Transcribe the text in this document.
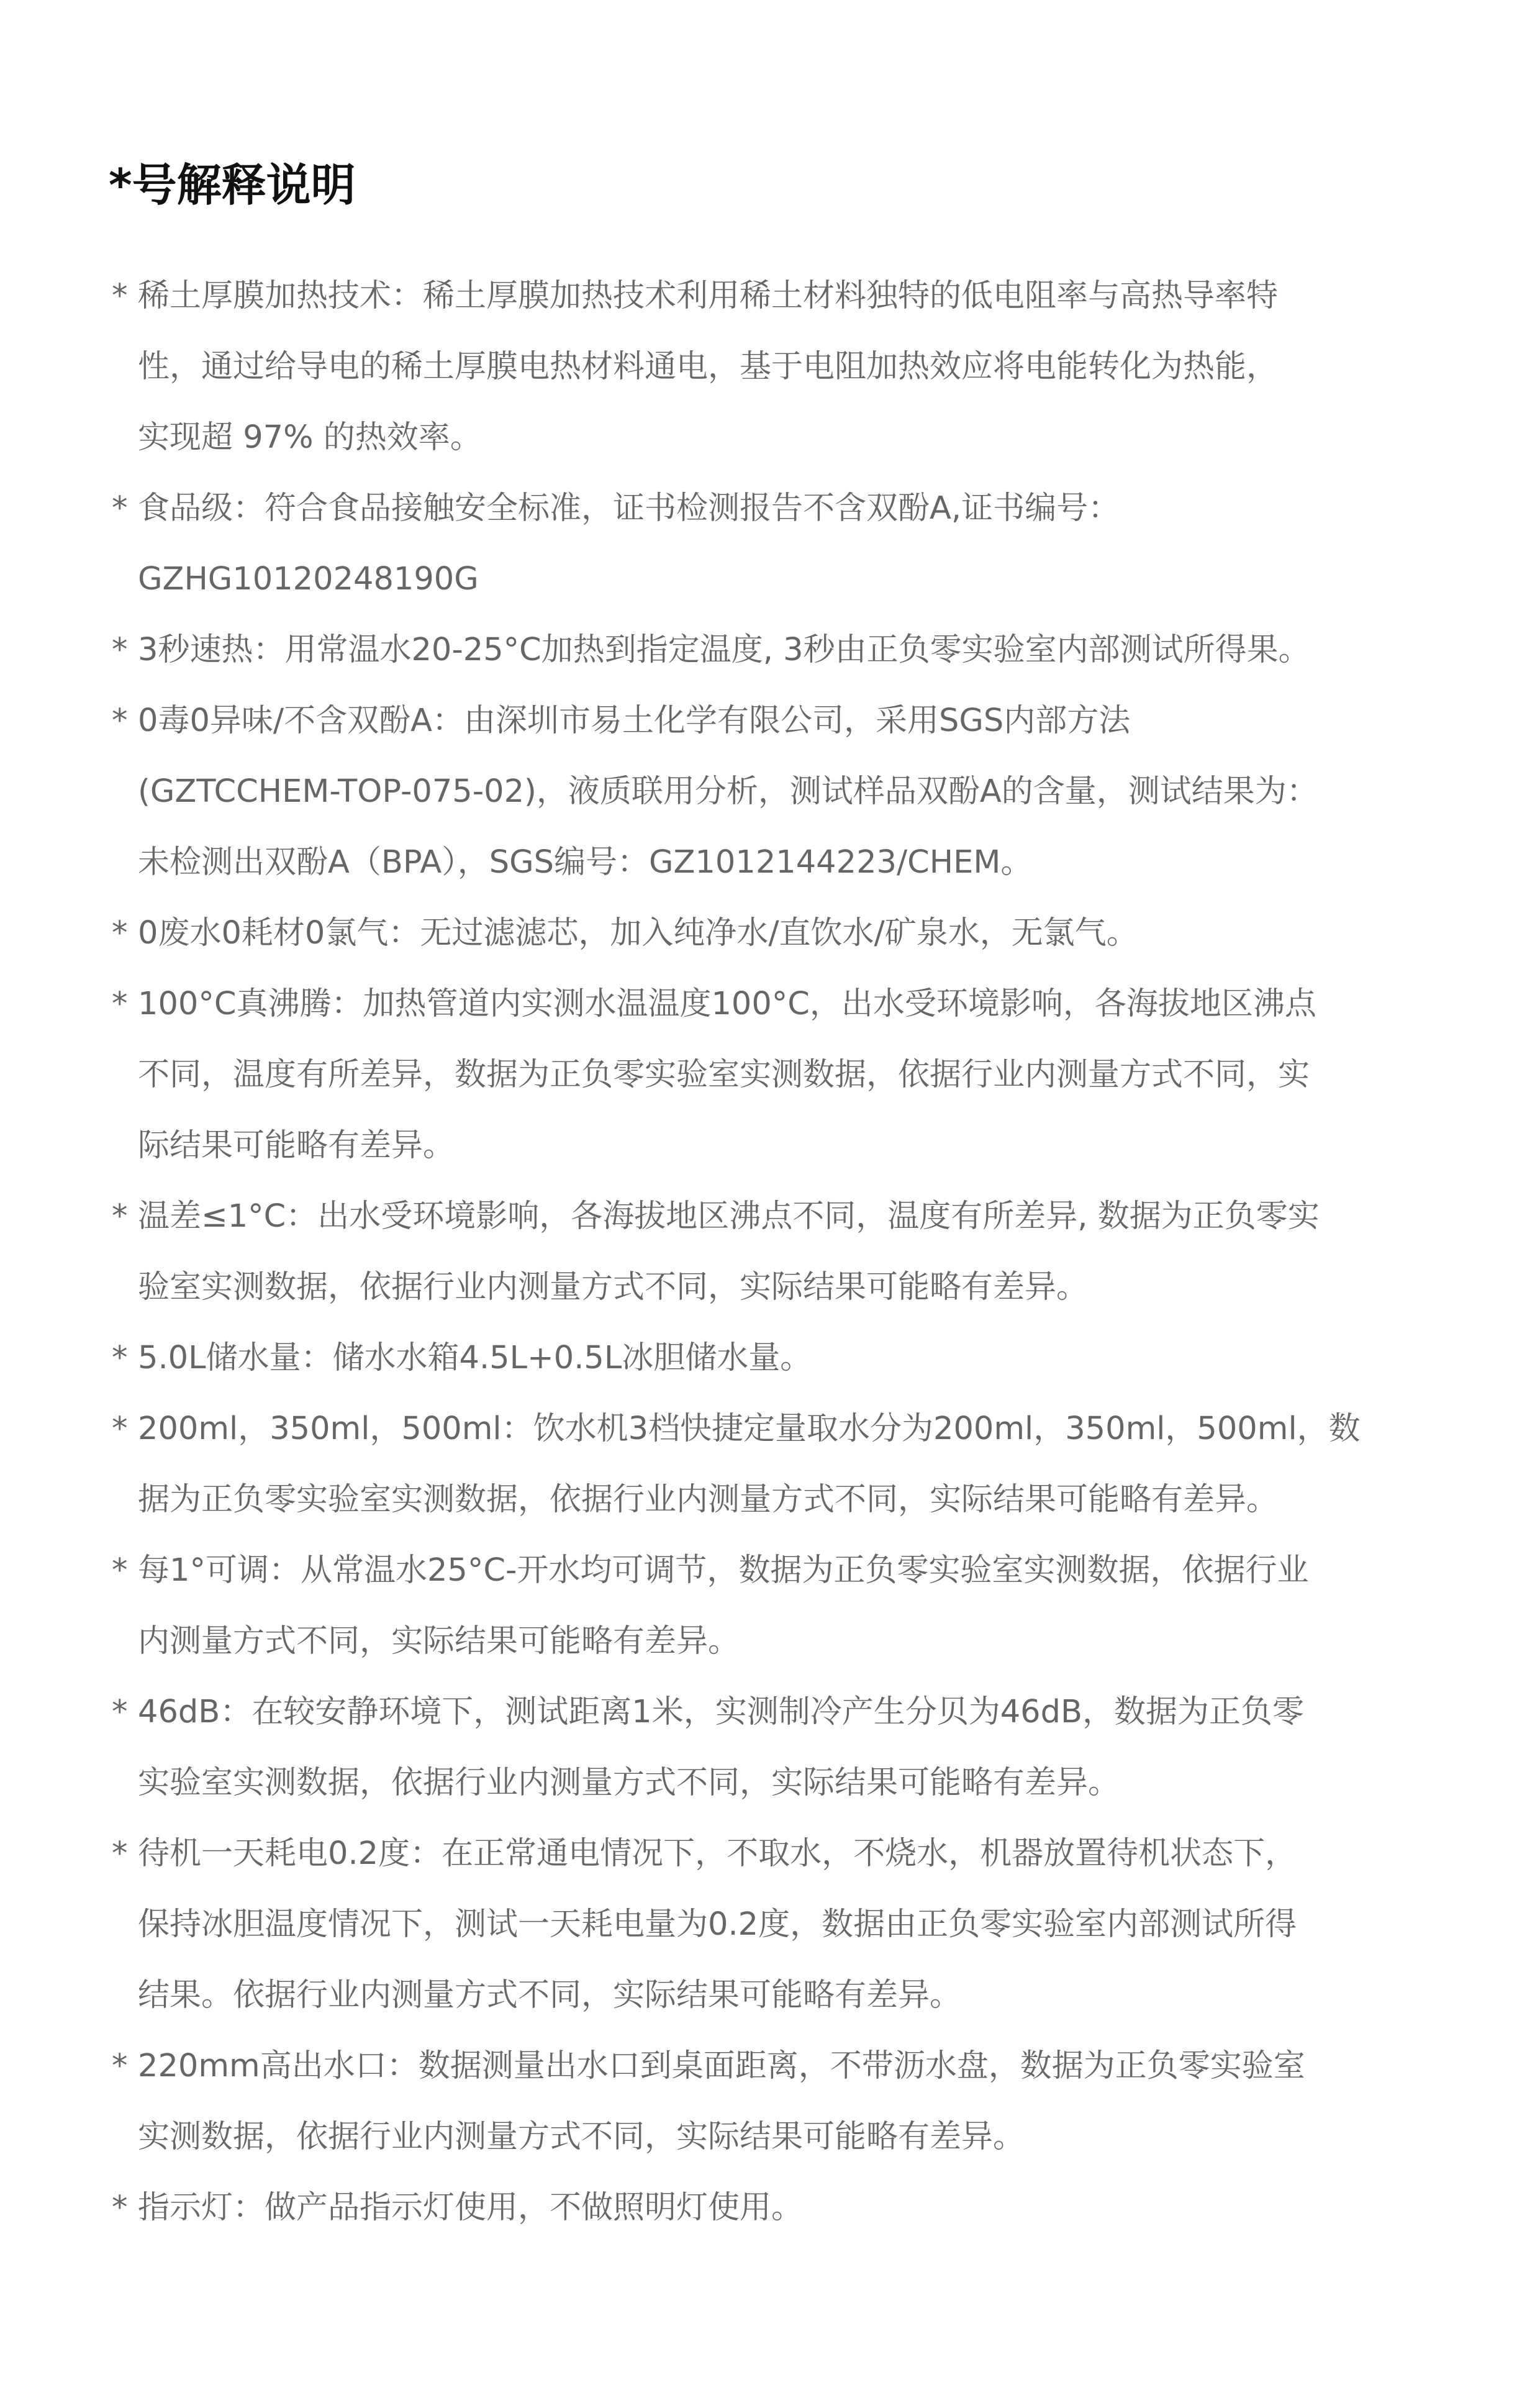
*号解释说明
* 稀土厚膜加热技术：稀土厚膜加热技术利用稀土材料独特的低电阻率与高热导率特
性，通过给导电的稀土厚膜电热材料通电，基于电阻加热效应将电能转化为热能，
实现超 97% 的热效率。
* 食品级：符合食品接触安全标准，证书检测报告不含双酚A,证书编号：
GZHG10120248190G
* 3秒速热：用常温水20-25°C加热到指定温度, 3秒由正负零实验室内部测试所得果。
* 0毒0异味/不含双酚A：由深圳市易土化学有限公司，采用SGS内部方法
(GZTCCHEM-TOP-075-02)，液质联用分析，测试样品双酚A的含量，测试结果为：
未检测出双酚A（BPA），SGS编号：GZ1012144223/CHEM。
* 0废水0耗材0氯气：无过滤滤芯，加入纯净水/直饮水/矿泉水，无氯气。
* 100°C真沸腾：加热管道内实测水温温度100°C，出水受环境影响，各海拔地区沸点
不同，温度有所差异，数据为正负零实验室实测数据，依据行业内测量方式不同，实
际结果可能略有差异。
* 温差≤1°C：出水受环境影响，各海拔地区沸点不同，温度有所差异, 数据为正负零实
验室实测数据，依据行业内测量方式不同，实际结果可能略有差异。
* 5.0L储水量：储水水箱4.5L+0.5L冰胆储水量。
* 200ml，350ml，500ml：饮水机3档快捷定量取水分为200ml，350ml，500ml，数
据为正负零实验室实测数据，依据行业内测量方式不同，实际结果可能略有差异。
* 每1°可调：从常温水25°C-开水均可调节，数据为正负零实验室实测数据，依据行业
内测量方式不同，实际结果可能略有差异。
* 46dB：在较安静环境下，测试距离1米，实测制冷产生分贝为46dB，数据为正负零
实验室实测数据，依据行业内测量方式不同，实际结果可能略有差异。
* 待机一天耗电0.2度：在正常通电情况下，不取水，不烧水，机器放置待机状态下，
保持冰胆温度情况下，测试一天耗电量为0.2度，数据由正负零实验室内部测试所得
结果。依据行业内测量方式不同，实际结果可能略有差异。
* 220mm高出水口：数据测量出水口到桌面距离，不带沥水盘，数据为正负零实验室
实测数据，依据行业内测量方式不同，实际结果可能略有差异。
* 指示灯：做产品指示灯使用，不做照明灯使用。
